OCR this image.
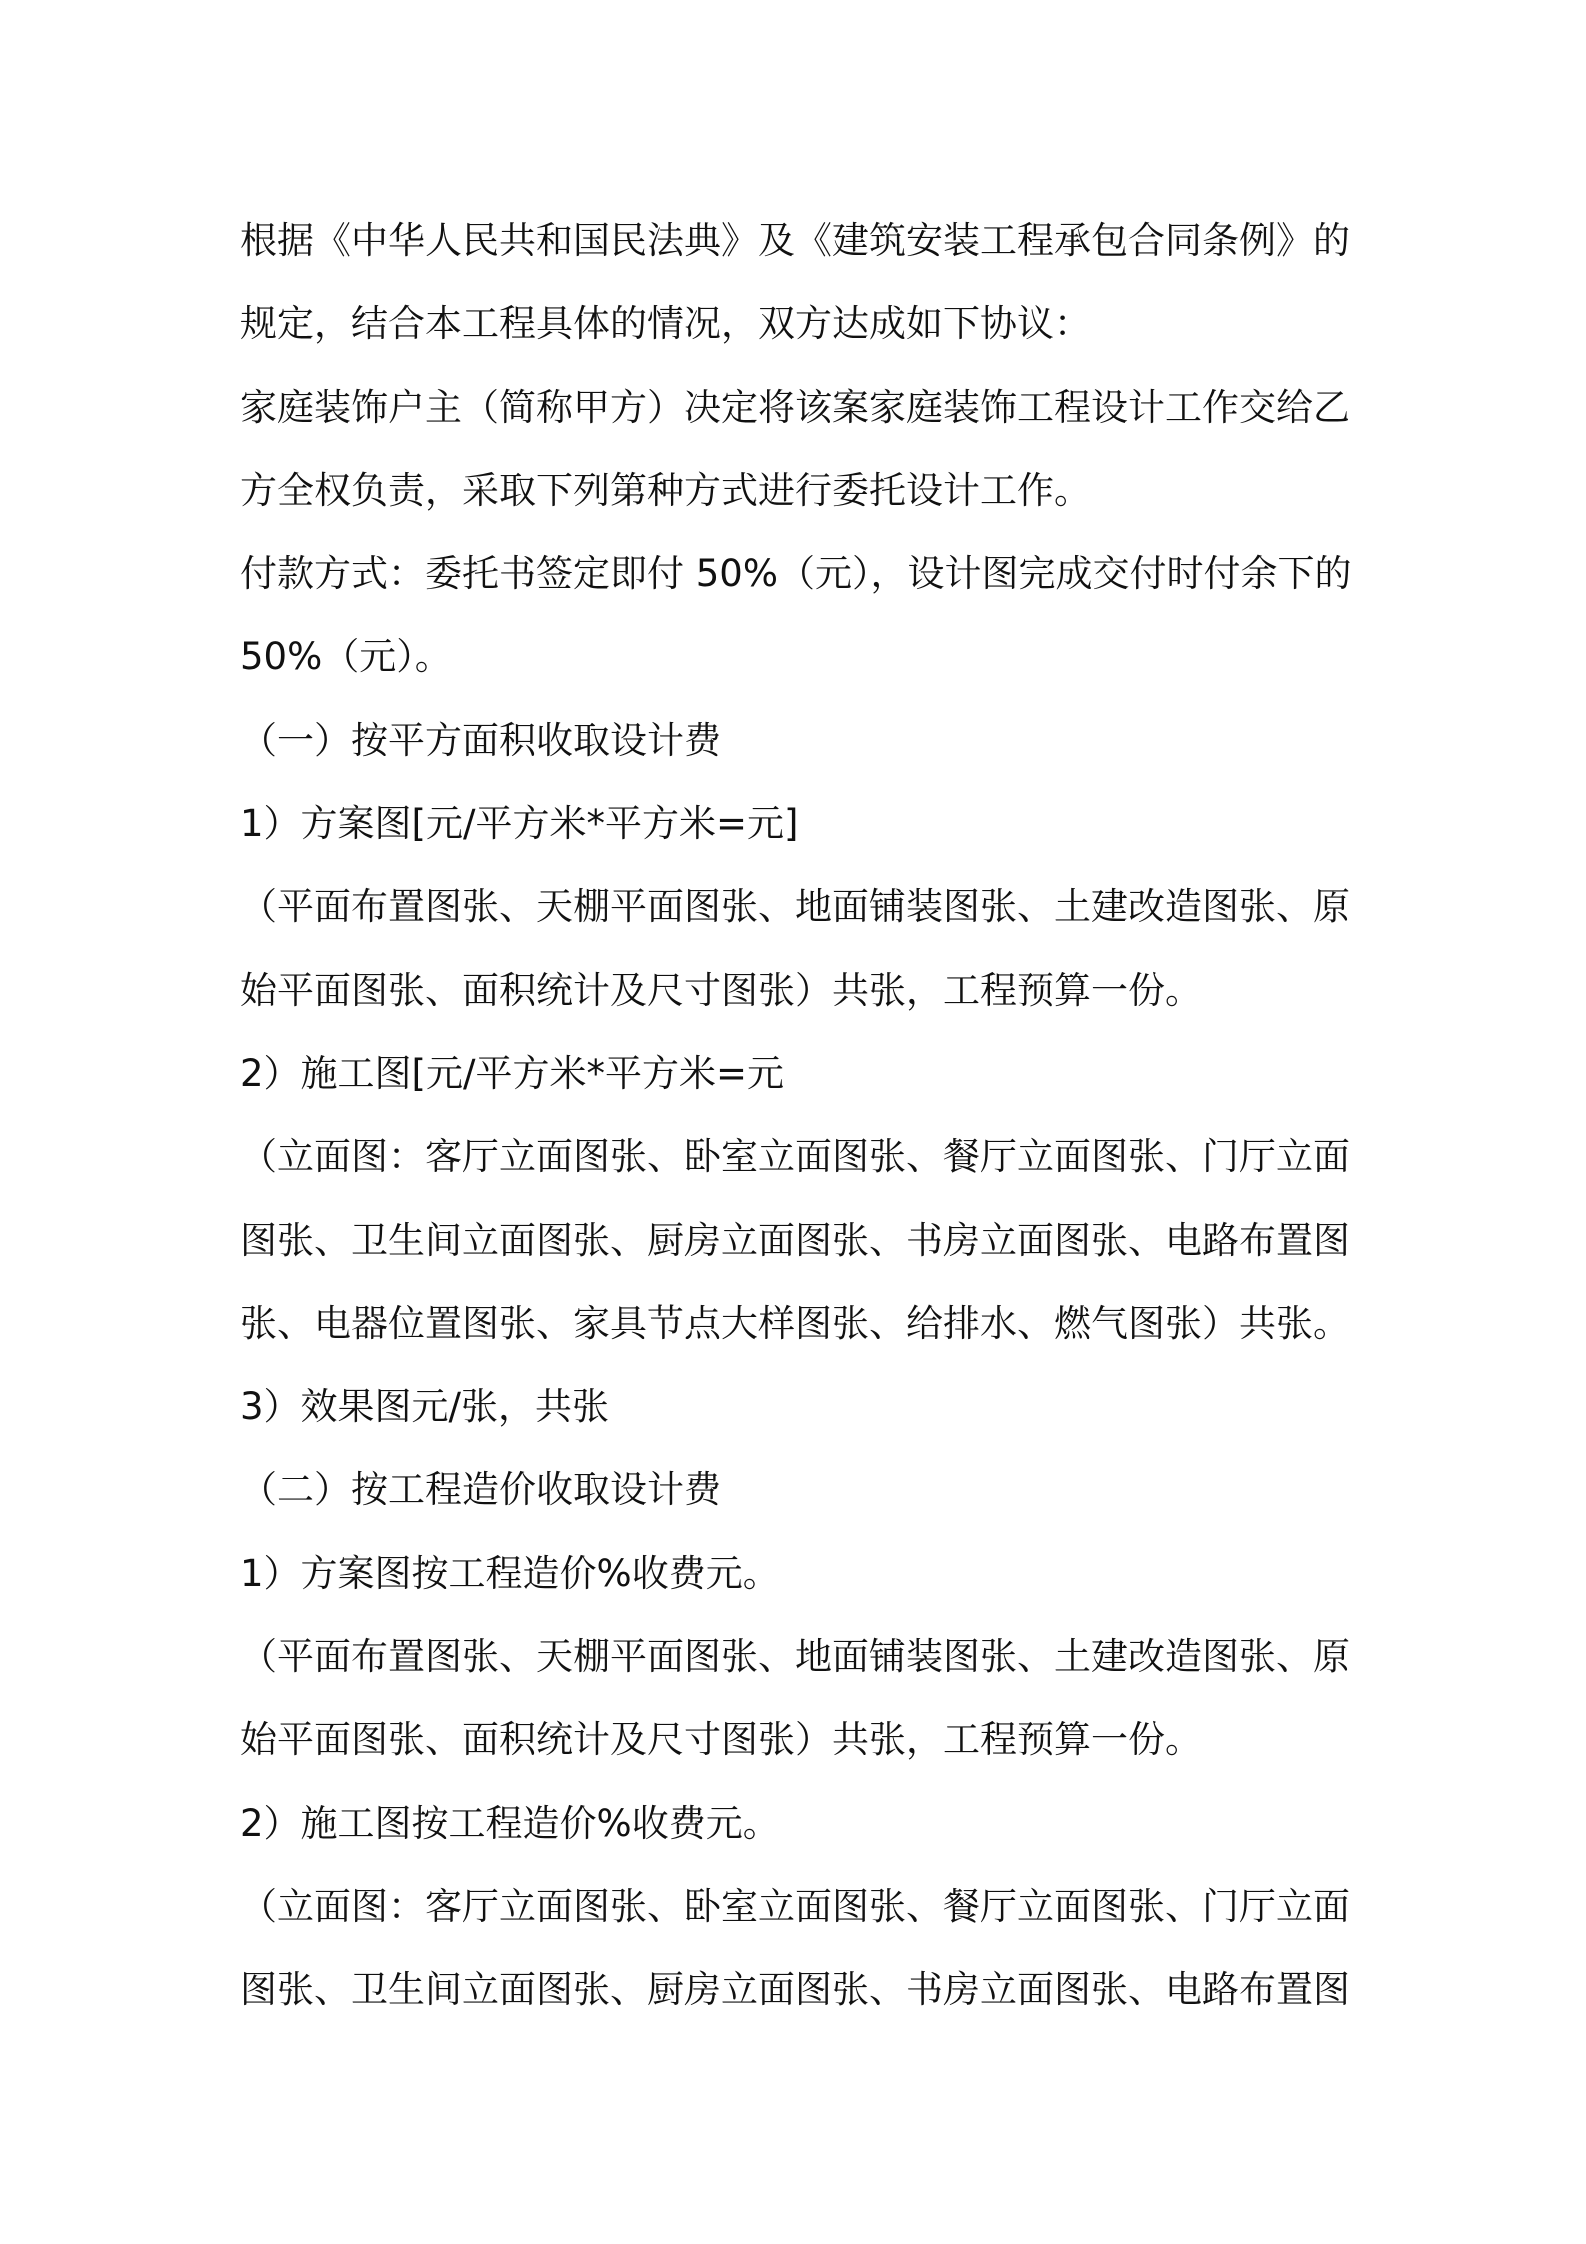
根据《中华人民共和国民法典》及《建筑安装工程承包合同条例》的
规定，结合本工程具体的情况，双方达成如下协议：
家庭装饰户主（简称甲方）决定将该案家庭装饰工程设计工作交给乙
方全权负责，采取下列第种方式进行委托设计工作。
付款方式：委托书签定即付 50%（元），设计图完成交付时付余下的
50%（元）。
（一）按平方面积收取设计费
1）方案图[元/平方米*平方米=元]
（平面布置图张、天棚平面图张、地面铺装图张、土建改造图张、原
始平面图张、面积统计及尺寸图张）共张，工程预算一份。
2）施工图[元/平方米*平方米=元
（立面图：客厅立面图张、卧室立面图张、餐厅立面图张、门厅立面
图张、卫生间立面图张、厨房立面图张、书房立面图张、电路布置图
张、电器位置图张、家具节点大样图张、给排水、燃气图张）共张。
3）效果图元/张，共张
（二）按工程造价收取设计费
1）方案图按工程造价%收费元。
（平面布置图张、天棚平面图张、地面铺装图张、土建改造图张、原
始平面图张、面积统计及尺寸图张）共张，工程预算一份。
2）施工图按工程造价%收费元。
（立面图：客厅立面图张、卧室立面图张、餐厅立面图张、门厅立面
图张、卫生间立面图张、厨房立面图张、书房立面图张、电路布置图
